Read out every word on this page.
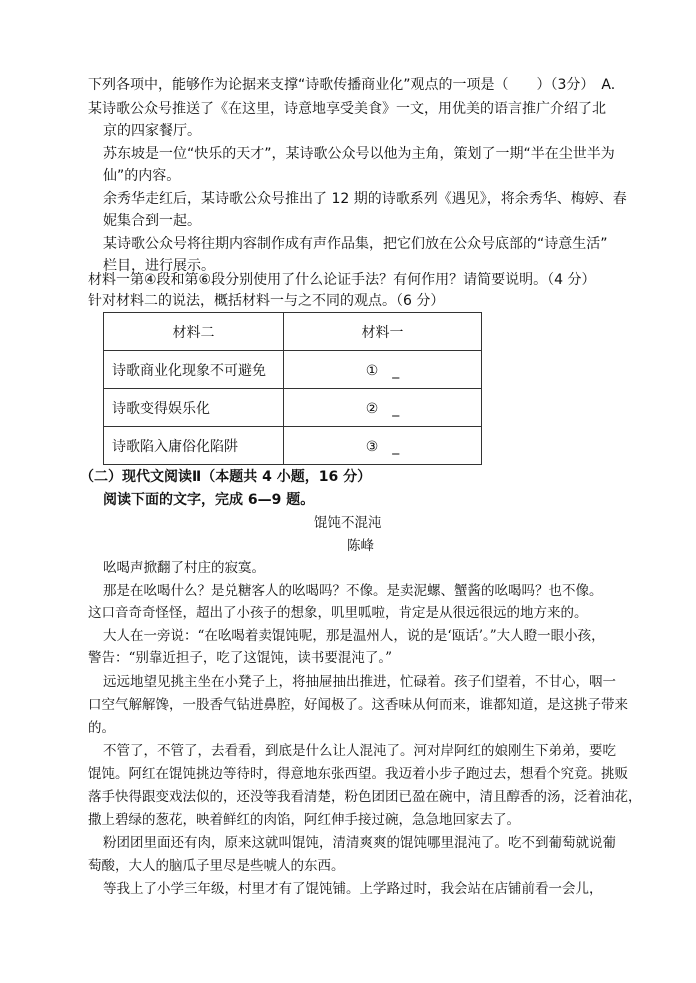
下列各项中，能够作为论据来支撑“诗歌传播商业化”观点的一项是（　　）（3分）　A.
某诗歌公众号推送了《在这里，诗意地享受美食》一文，用优美的语言推广介绍了北
京的四家餐厅。
苏东坡是一位“快乐的天才”，某诗歌公众号以他为主角，策划了一期“半在尘世半为
仙”的内容。
余秀华走红后，某诗歌公众号推出了 12 期的诗歌系列《遇见》，将余秀华、梅婷、春
妮集合到一起。
某诗歌公众号将往期内容制作成有声作品集，把它们放在公众号底部的“诗意生活”
栏目，进行展示。
材料一第④段和第⑥段分别使用了什么论证手法？有何作用？请简要说明。（4 分）
针对材料二的说法，概括材料一与之不同的观点。（6 分）
材料二	材料一
诗歌商业化现象不可避免	①　_
诗歌变得娱乐化	②　_
诗歌陷入庸俗化陷阱	③　_
（二）现代文阅读Ⅱ（本题共 4 小题，16 分）
阅读下面的文字，完成 6—9 题。
馄饨不混沌
陈峰
吆喝声掀翻了村庄的寂寞。
那是在吆喝什么？是兑糖客人的吆喝吗？不像。是卖泥螺、蟹酱的吆喝吗？也不像。
这口音奇奇怪怪，超出了小孩子的想象，叽里呱啦，肯定是从很远很远的地方来的。
大人在一旁说：“在吆喝着卖馄饨呢，那是温州人，说的是‘瓯话’。”大人瞪一眼小孩，
警告：“别靠近担子，吃了这馄饨，读书要混沌了。”
远远地望见挑主坐在小凳子上，将抽屉抽出推进，忙碌着。孩子们望着，不甘心，咽一
口空气解解馋，一股香气钻进鼻腔，好闻极了。这香味从何而来，谁都知道，是这挑子带来
的。
不管了，不管了，去看看，到底是什么让人混沌了。河对岸阿红的娘刚生下弟弟，要吃
馄饨。阿红在馄饨挑边等待时，得意地东张西望。我迈着小步子跑过去，想看个究竟。挑贩
落手快得跟变戏法似的，还没等我看清楚，粉色团团已盈在碗中，清且醇香的汤，泛着油花，
撒上碧绿的葱花，映着鲜红的肉馅，阿红伸手接过碗，急急地回家去了。
粉团团里面还有肉，原来这就叫馄饨，清清爽爽的馄饨哪里混沌了。吃不到葡萄就说葡
萄酸，大人的脑瓜子里尽是些唬人的东西。
等我上了小学三年级，村里才有了馄饨铺。上学路过时，我会站在店铺前看一会儿，
